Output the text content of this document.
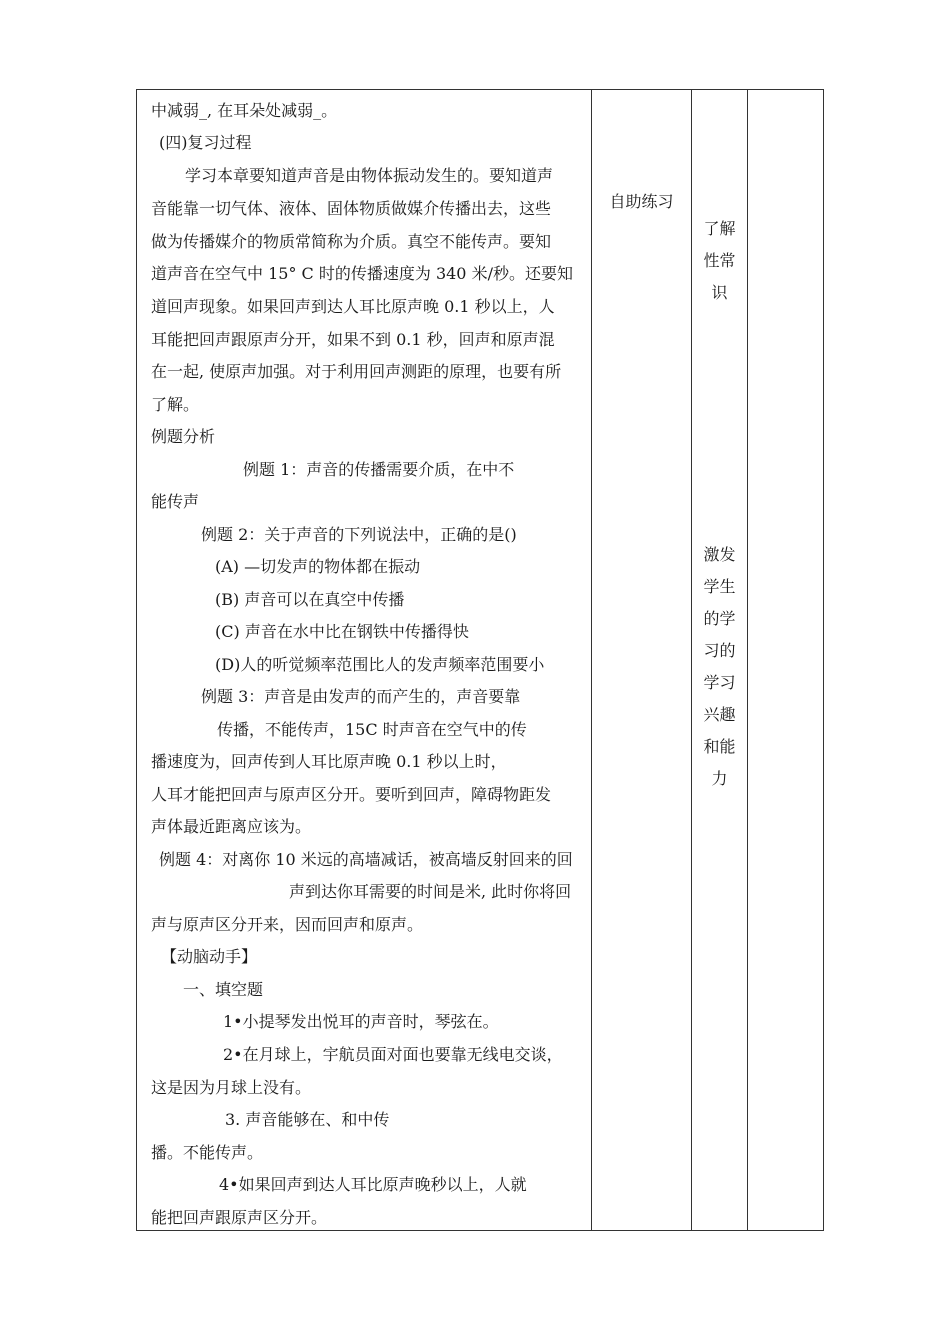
中减弱_, 在耳朵处减弱_。
(四)复习过程
学习本章要知道声音是由物体振动发生的。要知道声
音能靠一切气体、液体、固体物质做媒介传播出去，这些
做为传播媒介的物质常简称为介质。真空不能传声。要知
道声音在空气中 15° C 时的传播速度为 340 米/秒。还要知
道回声现象。如果回声到达人耳比原声晚 0.1 秒以上，人
耳能把回声跟原声分开，如果不到 0.1 秒，回声和原声混
在一起, 使原声加强。对于利用回声测距的原理，也要有所
了解。
例题分析
例题 1：声音的传播需要介质，在中不
能传声
例题 2：关于声音的下列说法中，正确的是()
(A) —切发声的物体都在振动
(B) 声音可以在真空中传播
(C) 声音在水中比在钢铁中传播得快
(D)人的听觉频率范围比人的发声频率范围要小
例题 3：声音是由发声的而产生的，声音要靠
传播，不能传声，15C 时声音在空气中的传
播速度为，回声传到人耳比原声晚 0.1 秒以上时，
人耳才能把回声与原声区分开。要听到回声，障碍物距发
声体最近距离应该为。
例题 4：对离你 10 米远的高墙减话，被高墙反射回来的回
声到达你耳需要的时间是米, 此时你将回
声与原声区分开来，因而回声和原声。
【动脑动手】
一、填空题
1•小提琴发出悦耳的声音时，琴弦在。
2•在月球上，宇航员面对面也要靠无线电交谈，
这是因为月球上没有。
3. 声音能够在、和中传
播。不能传声。
4•如果回声到达人耳比原声晚秒以上，人就
能把回声跟原声区分开。
自助练习
了解
性常
识
激发
学生
的学
习的
学习
兴趣
和能
力
